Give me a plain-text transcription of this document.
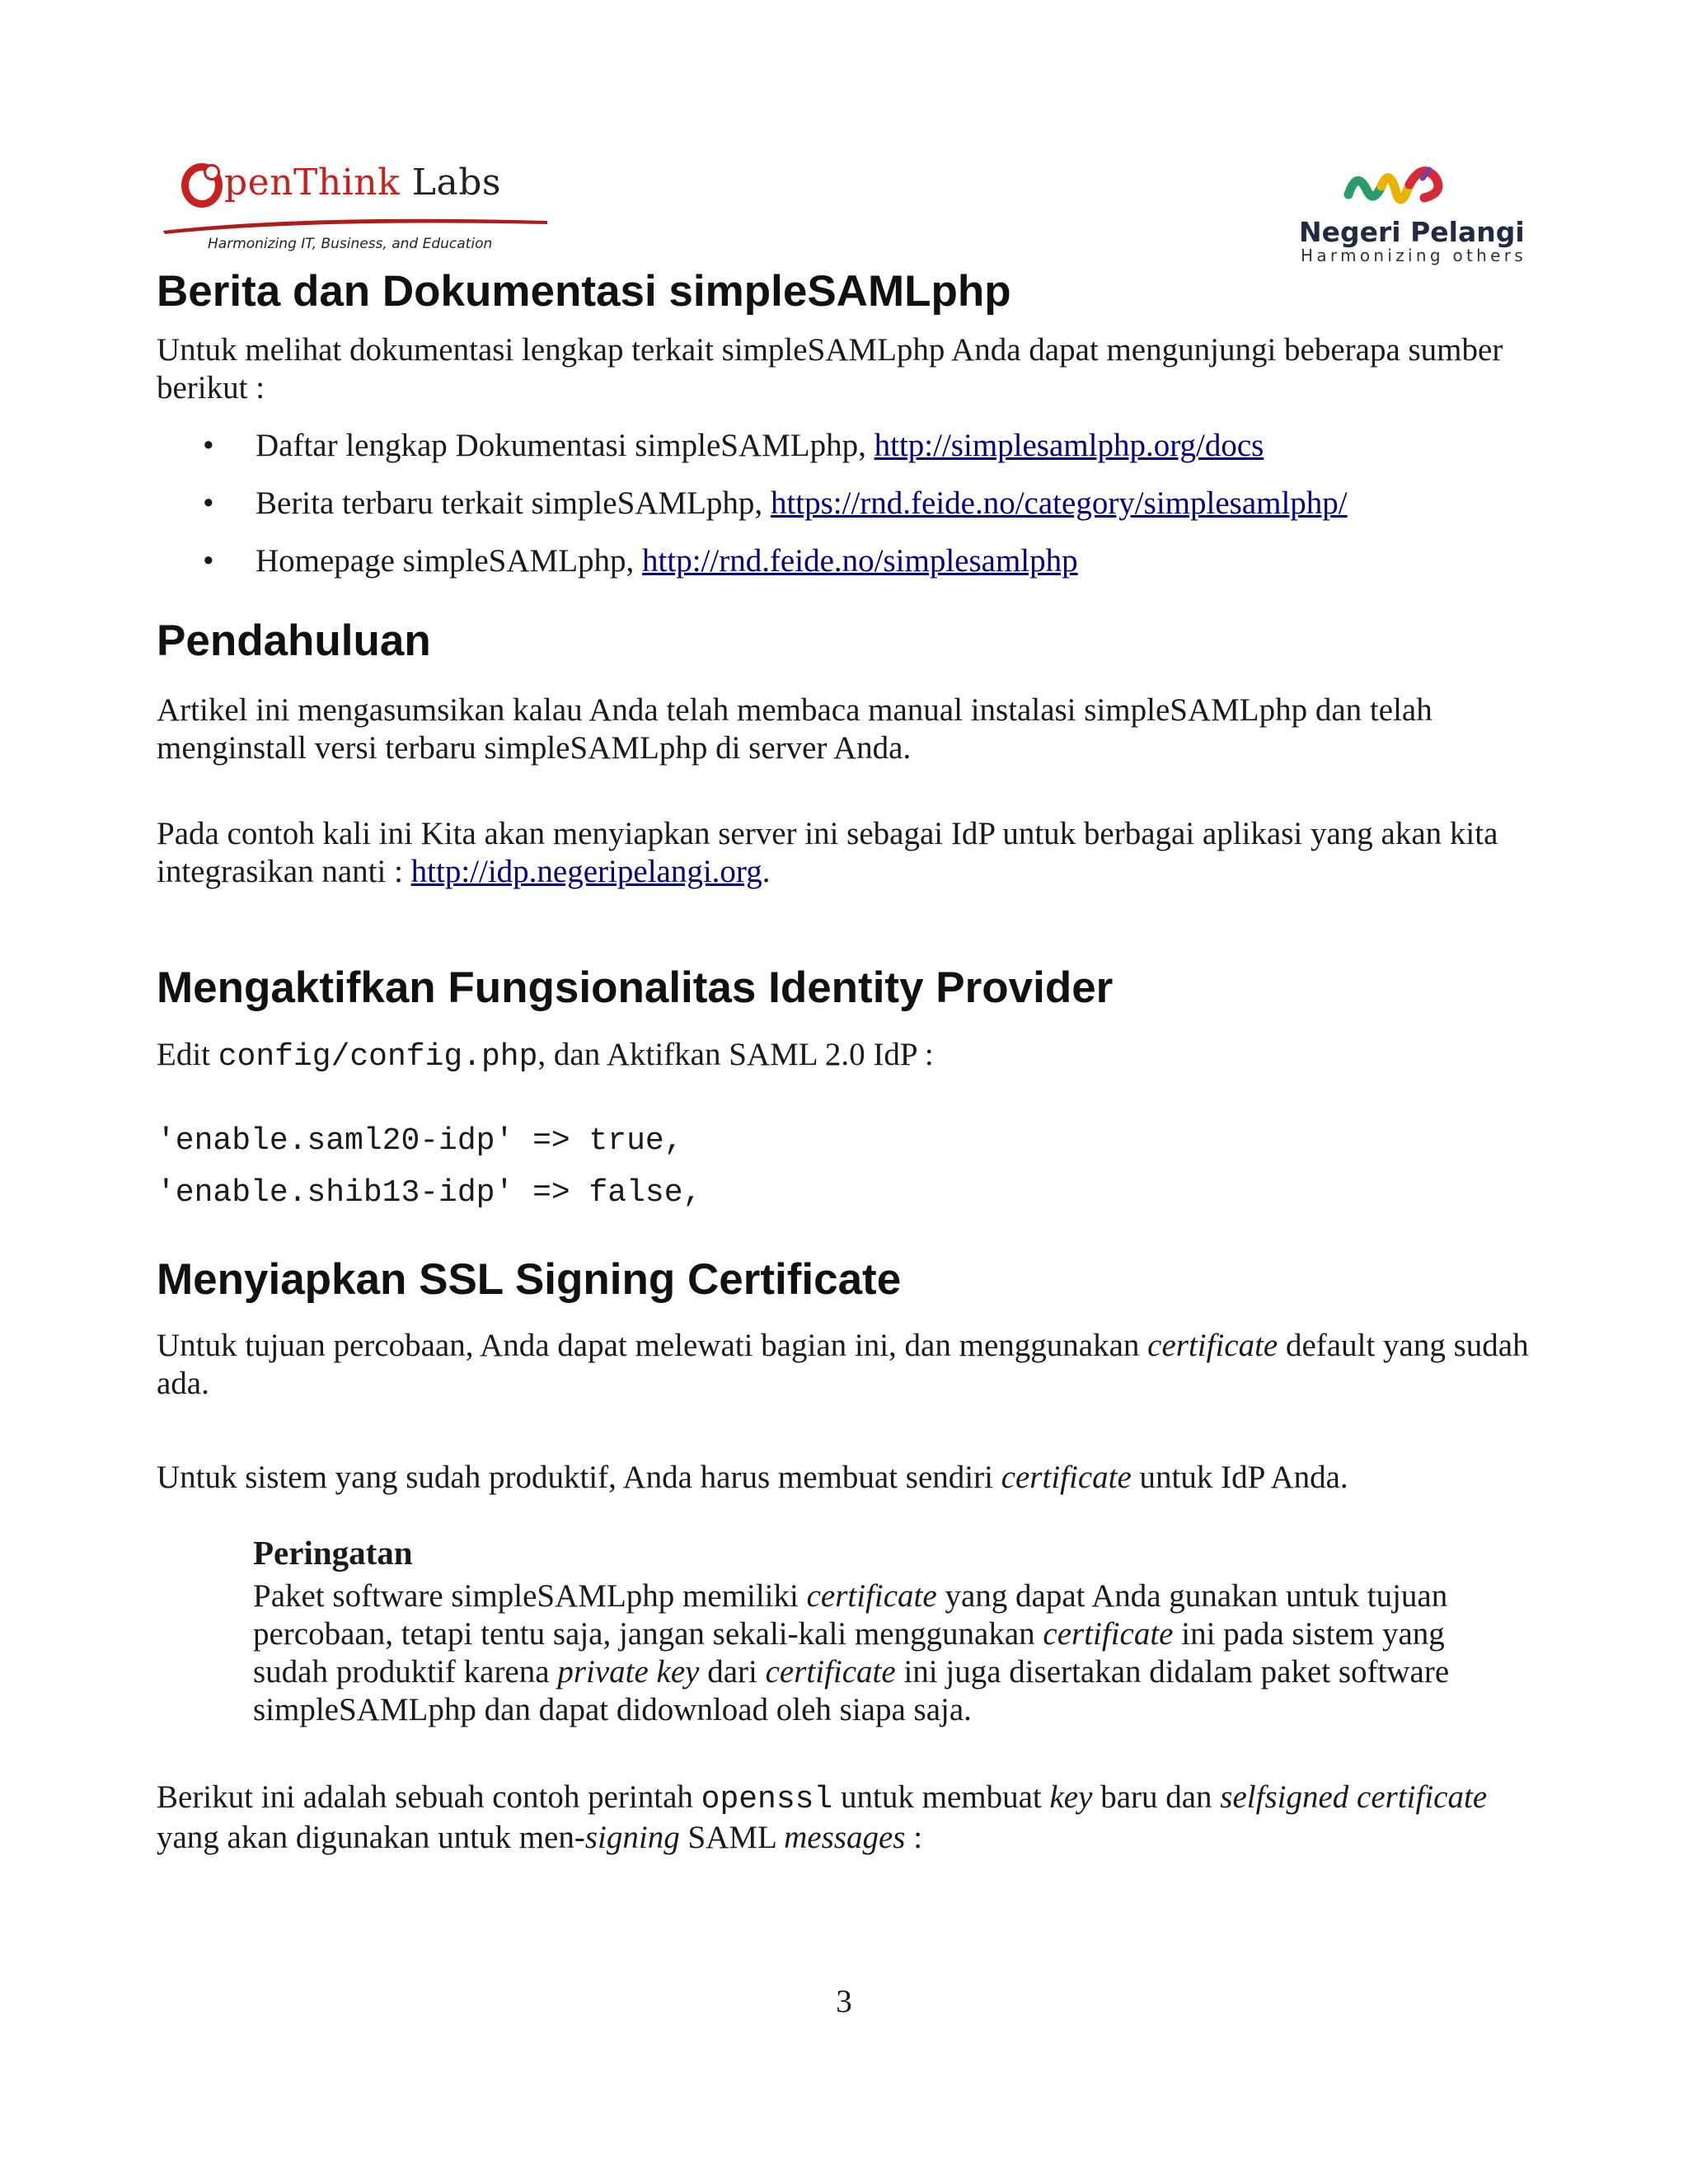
penThink Labs
Harmonizing IT, Business, and Education	Negeri Pelangi
Harmonizing others
Berita dan Dokumentasi simpleSAMLphp

Untuk melihat dokumentasi lengkap terkait simpleSAMLphp Anda dapat mengunjungi beberapa sumber berikut :

• Daftar lengkap Dokumentasi simpleSAMLphp, http://simplesamlphp.org/docs
• Berita terbaru terkait simpleSAMLphp, https://rnd.feide.no/category/simplesamlphp/
• Homepage simpleSAMLphp, http://rnd.feide.no/simplesamlphp
Pendahuluan

Artikel ini mengasumsikan kalau Anda telah membaca manual instalasi simpleSAMLphp dan telah menginstall versi terbaru simpleSAMLphp di server Anda.

Pada contoh kali ini Kita akan menyiapkan server ini sebagai IdP untuk berbagai aplikasi yang akan kita integrasikan nanti : http://idp.negeripelangi.org.

Mengaktifkan Fungsionalitas Identity Provider

Edit config/config.php, dan Aktifkan SAML 2.0 IdP :

'enable.saml20-idp' => true,
'enable.shib13-idp' => false,
Menyiapkan SSL Signing Certificate

Untuk tujuan percobaan, Anda dapat melewati bagian ini, dan menggunakan certificate default yang sudah ada.

Untuk sistem yang sudah produktif, Anda harus membuat sendiri certificate untuk IdP Anda.

Peringatan

Paket software simpleSAMLphp memiliki certificate yang dapat Anda gunakan untuk tujuan percobaan, tetapi tentu saja, jangan sekali-kali menggunakan certificate ini pada sistem yang sudah produktif karena private key dari certificate ini juga disertakan didalam paket software simpleSAMLphp dan dapat didownload oleh siapa saja.

Berikut ini adalah sebuah contoh perintah openssl untuk membuat key baru dan selfsigned certificate yang akan digunakan untuk men-signing SAML messages :

3
